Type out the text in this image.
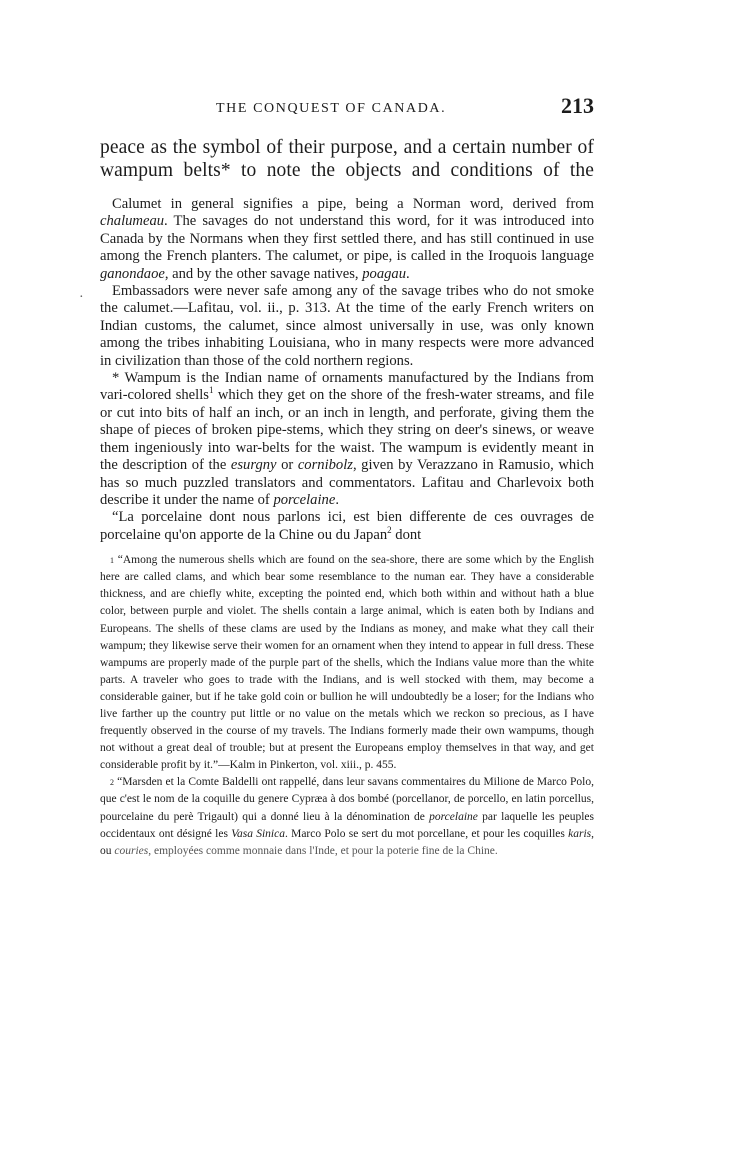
·
THE CONQUEST OF CANADA.	213
peace as the symbol of their purpose, and a certain number of wampum belts* to note the objects and conditions of the

Calumet in general signifies a pipe, being a Norman word, derived from chalumeau. The savages do not understand this word, for it was introduced into Canada by the Normans when they first settled there, and has still continued in use among the French planters. The calumet, or pipe, is called in the Iroquois language ganondaoe, and by the other savage natives, poagau.

Embassadors were never safe among any of the savage tribes who do not smoke the calumet.—Lafitau, vol. ii., p. 313. At the time of the early French writers on Indian customs, the calumet, since almost universally in use, was only known among the tribes inhabiting Louisiana, who in many respects were more advanced in civilization than those of the cold northern regions.

* Wampum is the Indian name of ornaments manufactured by the Indians from vari-colored shells$^1$ which they get on the shore of the fresh-water streams, and file or cut into bits of half an inch, or an inch in length, and perforate, giving them the shape of pieces of broken pipe-stems, which they string on deer's sinews, or weave them ingeniously into war-belts for the waist. The wampum is evidently meant in the description of the esurgny or cornibolz, given by Verazzano in Ramusio, which has so much puzzled translators and commentators. Lafitau and Charlevoix both describe it under the name of porcelaine.

“La porcelaine dont nous parlons ici, est bien differente de ces ouvrages de porcelaine qu'on apporte de la Chine ou du Japan$^2$ dont

1 “Among the numerous shells which are found on the sea-shore, there are some which by the English here are called clams, and which bear some resemblance to the numan ear. They have a considerable thickness, and are chiefly white, excepting the pointed end, which both within and without hath a blue color, between purple and violet. The shells contain a large animal, which is eaten both by Indians and Europeans. The shells of these clams are used by the Indians as money, and make what they call their wampum; they likewise serve their women for an ornament when they intend to appear in full dress. These wampums are properly made of the purple part of the shells, which the Indians value more than the white parts. A traveler who goes to trade with the Indians, and is well stocked with them, may become a considerable gainer, but if he take gold coin or bullion he will undoubtedly be a loser; for the Indians who live farther up the country put little or no value on the metals which we reckon so precious, as I have frequently observed in the course of my travels. The Indians formerly made their own wampums, though not without a great deal of trouble; but at present the Europeans employ themselves in that way, and get considerable profit by it.”—Kalm in Pinkerton, vol. xiii., p. 455.

2 “Marsden et la Comte Baldelli ont rappellé, dans leur savans commentaires du Milione de Marco Polo, que c'est le nom de la coquille du genere Cypræa à dos bombé (porcellanor, de porcello, en latin porcellus, pourcelaine du perè Trigault) qui a donné lieu à la dénomination de porcelaine par laquelle les peuples occidentaux ont désigné les Vasa Sinica. Marco Polo se sert du mot porcellane, et pour les coquilles karis, ou couries, employées comme monnaie dans l'Inde, et pour la poterie fine de la Chine.
